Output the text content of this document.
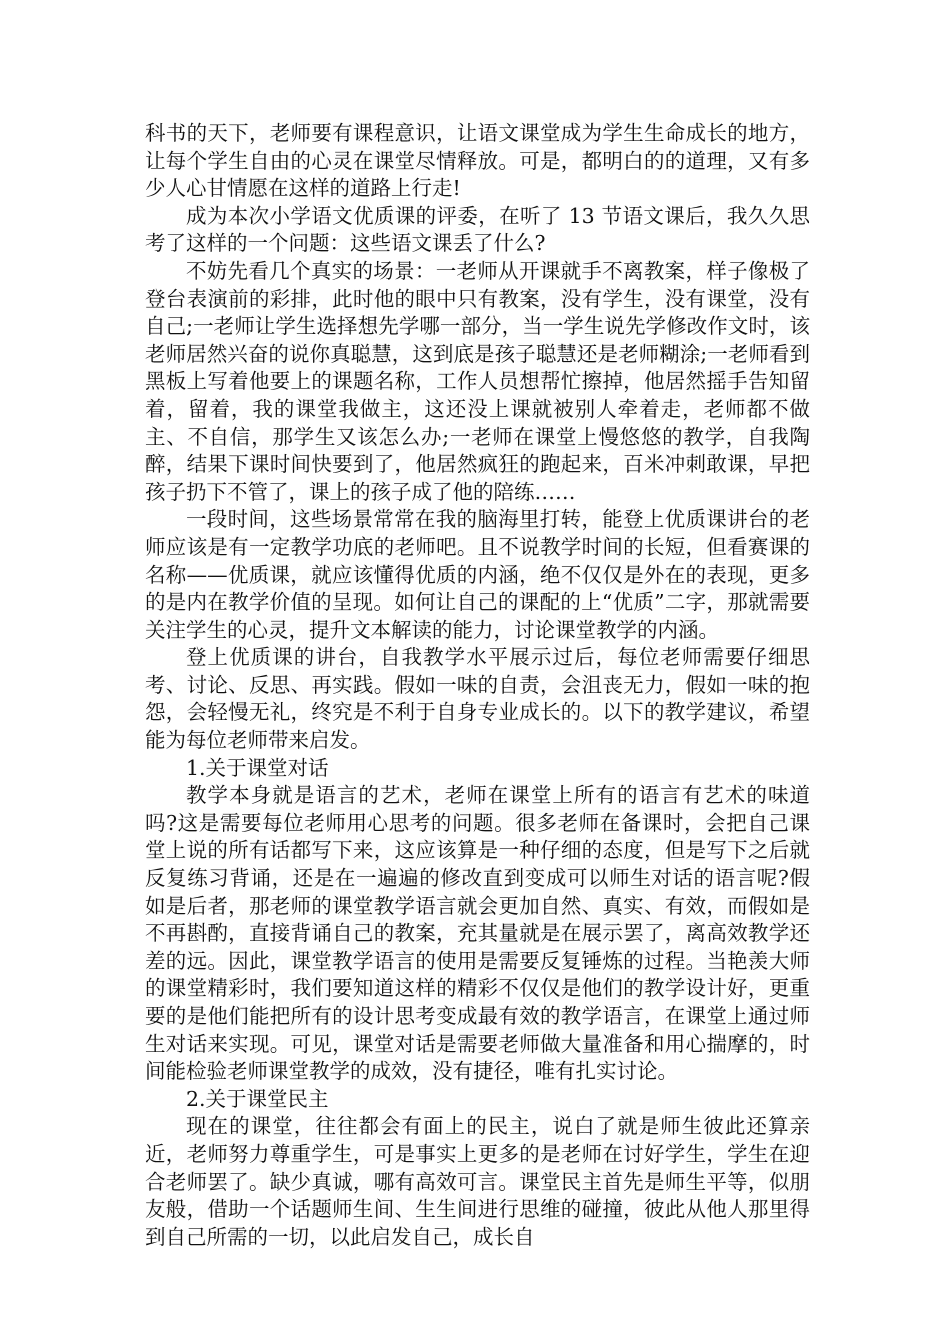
科书的天下，老师要有课程意识，让语文课堂成为学生生命成长的地方，让每个学生自由的心灵在课堂尽情释放。可是，都明白的的道理，又有多少人心甘情愿在这样的道路上行走!

成为本次小学语文优质课的评委，在听了 13 节语文课后，我久久思考了这样的一个问题：这些语文课丢了什么?

不妨先看几个真实的场景：一老师从开课就手不离教案，样子像极了登台表演前的彩排，此时他的眼中只有教案，没有学生，没有课堂，没有自己;一老师让学生选择想先学哪一部分，当一学生说先学修改作文时，该老师居然兴奋的说你真聪慧，这到底是孩子聪慧还是老师糊涂;一老师看到黑板上写着他要上的课题名称，工作人员想帮忙擦掉，他居然摇手告知留着，留着，我的课堂我做主，这还没上课就被别人牵着走，老师都不做主、不自信，那学生又该怎么办;一老师在课堂上慢悠悠的教学，自我陶醉，结果下课时间快要到了，他居然疯狂的跑起来，百米冲刺敢课，早把孩子扔下不管了，课上的孩子成了他的陪练……

一段时间，这些场景常常在我的脑海里打转，能登上优质课讲台的老师应该是有一定教学功底的老师吧。且不说教学时间的长短，但看赛课的名称——优质课，就应该懂得优质的内涵，绝不仅仅是外在的表现，更多的是内在教学价值的呈现。如何让自己的课配的上“优质”二字，那就需要关注学生的心灵，提升文本解读的能力，讨论课堂教学的内涵。

登上优质课的讲台，自我教学水平展示过后，每位老师需要仔细思考、讨论、反思、再实践。假如一味的自责，会沮丧无力，假如一味的抱怨，会轻慢无礼，终究是不利于自身专业成长的。以下的教学建议，希望能为每位老师带来启发。

1.关于课堂对话

教学本身就是语言的艺术，老师在课堂上所有的语言有艺术的味道吗?这是需要每位老师用心思考的问题。很多老师在备课时，会把自己课堂上说的所有话都写下来，这应该算是一种仔细的态度，但是写下之后就反复练习背诵，还是在一遍遍的修改直到变成可以师生对话的语言呢?假如是后者，那老师的课堂教学语言就会更加自然、真实、有效，而假如是不再斟酌，直接背诵自己的教案，充其量就是在展示罢了，离高效教学还差的远。因此，课堂教学语言的使用是需要反复锤炼的过程。当艳羡大师的课堂精彩时，我们要知道这样的精彩不仅仅是他们的教学设计好，更重要的是他们能把所有的设计思考变成最有效的教学语言，在课堂上通过师生对话来实现。可见，课堂对话是需要老师做大量准备和用心揣摩的，时间能检验老师课堂教学的成效，没有捷径，唯有扎实讨论。

2.关于课堂民主

现在的课堂，往往都会有面上的民主，说白了就是师生彼此还算亲近，老师努力尊重学生，可是事实上更多的是老师在讨好学生，学生在迎合老师罢了。缺少真诚，哪有高效可言。课堂民主首先是师生平等，似朋友般，借助一个话题师生间、生生间进行思维的碰撞，彼此从他人那里得到自己所需的一切，以此启发自己，成长自
